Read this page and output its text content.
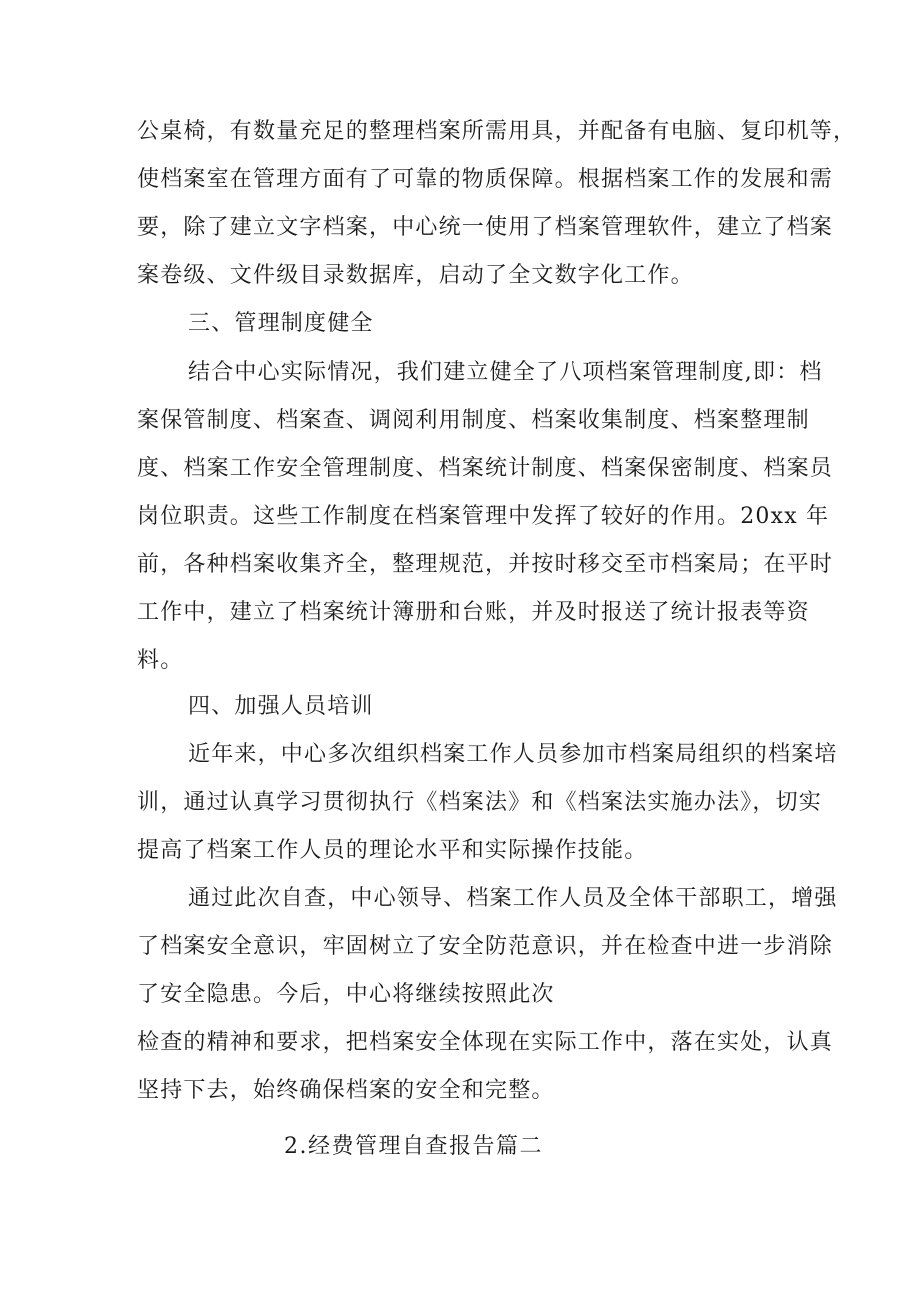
公桌椅，有数量充足的整理档案所需用具，并配备有电脑、复印机等，
使档案室在管理方面有了可靠的物质保障。根据档案工作的发展和需
要，除了建立文字档案，中心统一使用了档案管理软件，建立了档案
案卷级、文件级目录数据库，启动了全文数字化工作。
三、管理制度健全
结合中心实际情况，我们建立健全了八项档案管理制度,即：档
案保管制度、档案查、调阅利用制度、档案收集制度、档案整理制
度、档案工作安全管理制度、档案统计制度、档案保密制度、档案员
岗位职责。这些工作制度在档案管理中发挥了较好的作用。20xx 年
前，各种档案收集齐全，整理规范，并按时移交至市档案局；在平时
工作中，建立了档案统计簿册和台账，并及时报送了统计报表等资
料。
四、加强人员培训
近年来，中心多次组织档案工作人员参加市档案局组织的档案培
训，通过认真学习贯彻执行《档案法》和《档案法实施办法》，切实
提高了档案工作人员的理论水平和实际操作技能。
通过此次自查，中心领导、档案工作人员及全体干部职工，增强
了档案安全意识，牢固树立了安全防范意识，并在检查中进一步消除
了安全隐患。今后，中心将继续按照此次
检查的精神和要求，把档案安全体现在实际工作中，落在实处，认真
坚持下去，始终确保档案的安全和完整。
2.经费管理自查报告篇二
